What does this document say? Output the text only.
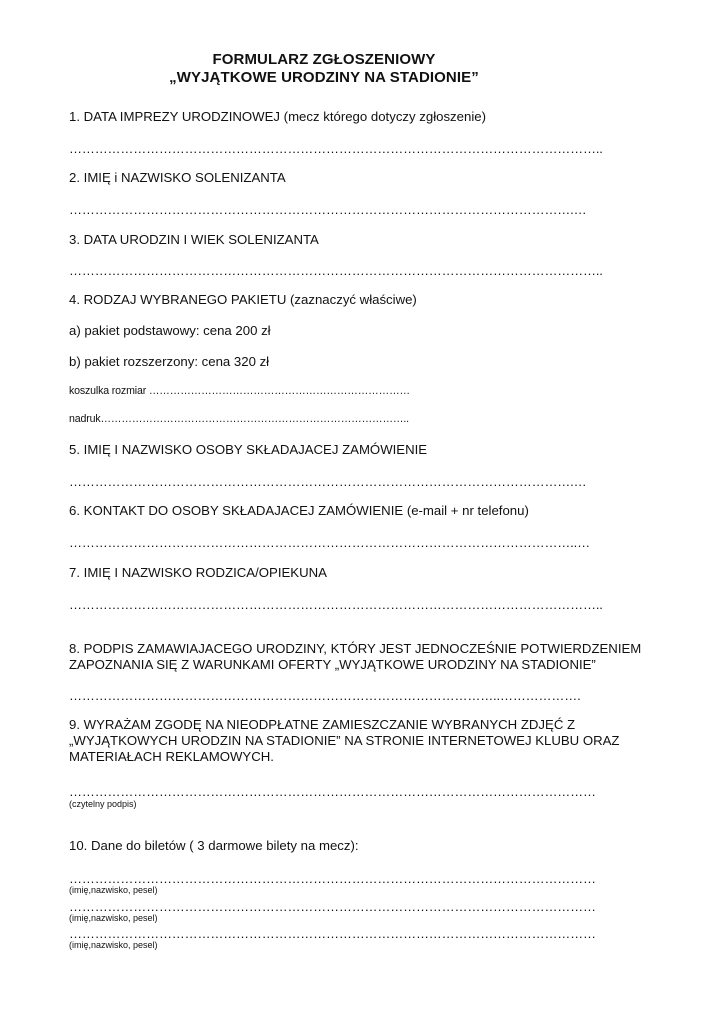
FORMULARZ ZGŁOSZENIOWY
„WYJĄTKOWE URODZINY NA STADIONIE”
1. DATA IMPREZY URODZINOWEJ (mecz którego dotyczy zgłoszenie)
……………………………………………………………………………………………………………..
2. IMIĘ i NAZWISKO SOLENIZANTA
……………………………………………………………………………………………………….…
3. DATA URODZIN I WIEK SOLENIZANTA
……………………………………………………………………………………………………………..
4. RODZAJ WYBRANEGO PAKIETU (zaznaczyć właściwe)
a) pakiet podstawowy: cena 200 zł
b) pakiet rozszerzony: cena 320 zł
koszulka rozmiar …………………………………………………………………
nadruk……………………………………………………………………………..
5. IMIĘ I NAZWISKO OSOBY SKŁADAJACEJ ZAMÓWIENIE
……………………………………………………………………………………………………….…
6. KONTAKT DO OSOBY SKŁADAJACEJ ZAMÓWIENIE (e-mail + nr telefonu)
………………………………………………………………………………………………………..…
7. IMIĘ I NAZWISKO RODZICA/OPIEKUNA
……………………………………………………………………………………………………………..
8. PODPIS ZAMAWIAJACEGO URODZINY, KTÓRY JEST JEDNOCZEŚNIE POTWIERDZENIEM ZAPOZNANIA SIĘ Z WARUNKAMI OFERTY „WYJĄTKOWE URODZINY NA STADIONIE”
………………………………………………………………………………………..……………….
9. WYRAŻAM ZGODĘ NA NIEODPŁATNE ZAMIESZCZANIE WYBRANYCH ZDJĘĆ Z „WYJĄTKOWYCH URODZIN NA STADIONIE” NA STRONIE INTERNETOWEJ KLUBU ORAZ MATERIAŁACH REKLAMOWYCH.
……………………………………………………………………………………………………………
(czytelny podpis)
10. Dane do biletów ( 3 darmowe bilety na mecz):
……………………………………………………………………………………………………………
(imię,nazwisko, pesel)
……………………………………………………………………………………………………………
(imię,nazwisko, pesel)
……………………………………………………………………………………………………………
(imię,nazwisko, pesel)
